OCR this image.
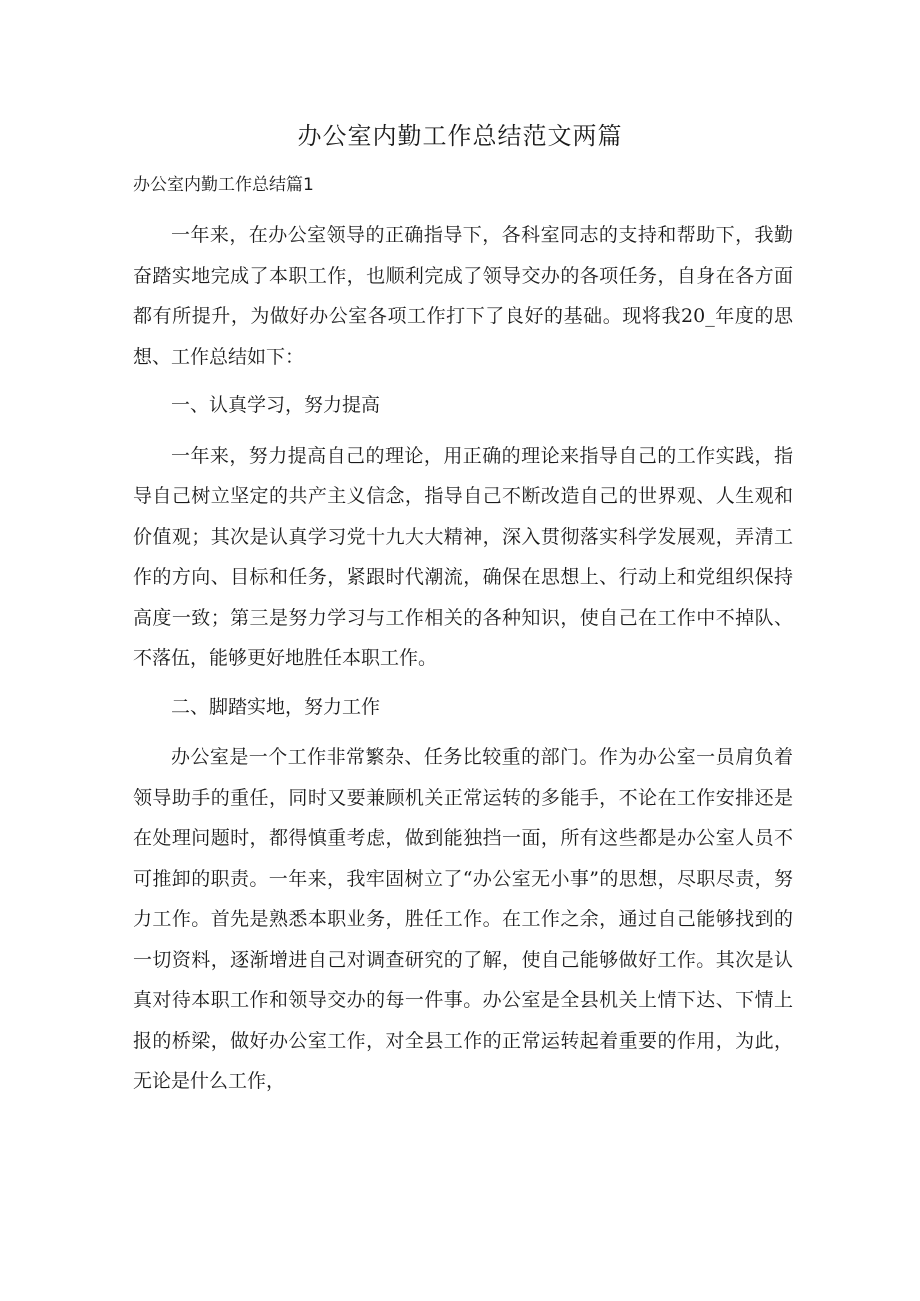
办公室内勤工作总结范文两篇
办公室内勤工作总结篇1

一年来，在办公室领导的正确指导下，各科室同志的支持和帮助下，我勤奋踏实地完成了本职工作，也顺利完成了领导交办的各项任务，自身在各方面都有所提升，为做好办公室各项工作打下了良好的基础。现将我20_年度的思想、工作总结如下：

一、认真学习，努力提高

一年来，努力提高自己的理论，用正确的理论来指导自己的工作实践，指导自己树立坚定的共产主义信念，指导自己不断改造自己的世界观、人生观和价值观；其次是认真学习党十九大大精神，深入贯彻落实科学发展观，弄清工作的方向、目标和任务，紧跟时代潮流，确保在思想上、行动上和党组织保持高度一致；第三是努力学习与工作相关的各种知识，使自己在工作中不掉队、不落伍，能够更好地胜任本职工作。

二、脚踏实地，努力工作

办公室是一个工作非常繁杂、任务比较重的部门。作为办公室一员肩负着领导助手的重任，同时又要兼顾机关正常运转的多能手，不论在工作安排还是在处理问题时，都得慎重考虑，做到能独挡一面，所有这些都是办公室人员不可推卸的职责。一年来，我牢固树立了“办公室无小事”的思想，尽职尽责，努力工作。首先是熟悉本职业务，胜任工作。在工作之余，通过自己能够找到的一切资料，逐渐增进自己对调查研究的了解，使自己能够做好工作。其次是认真对待本职工作和领导交办的每一件事。办公室是全县机关上情下达、下情上报的桥梁，做好办公室工作，对全县工作的正常运转起着重要的作用，为此，无论是什么工作，
